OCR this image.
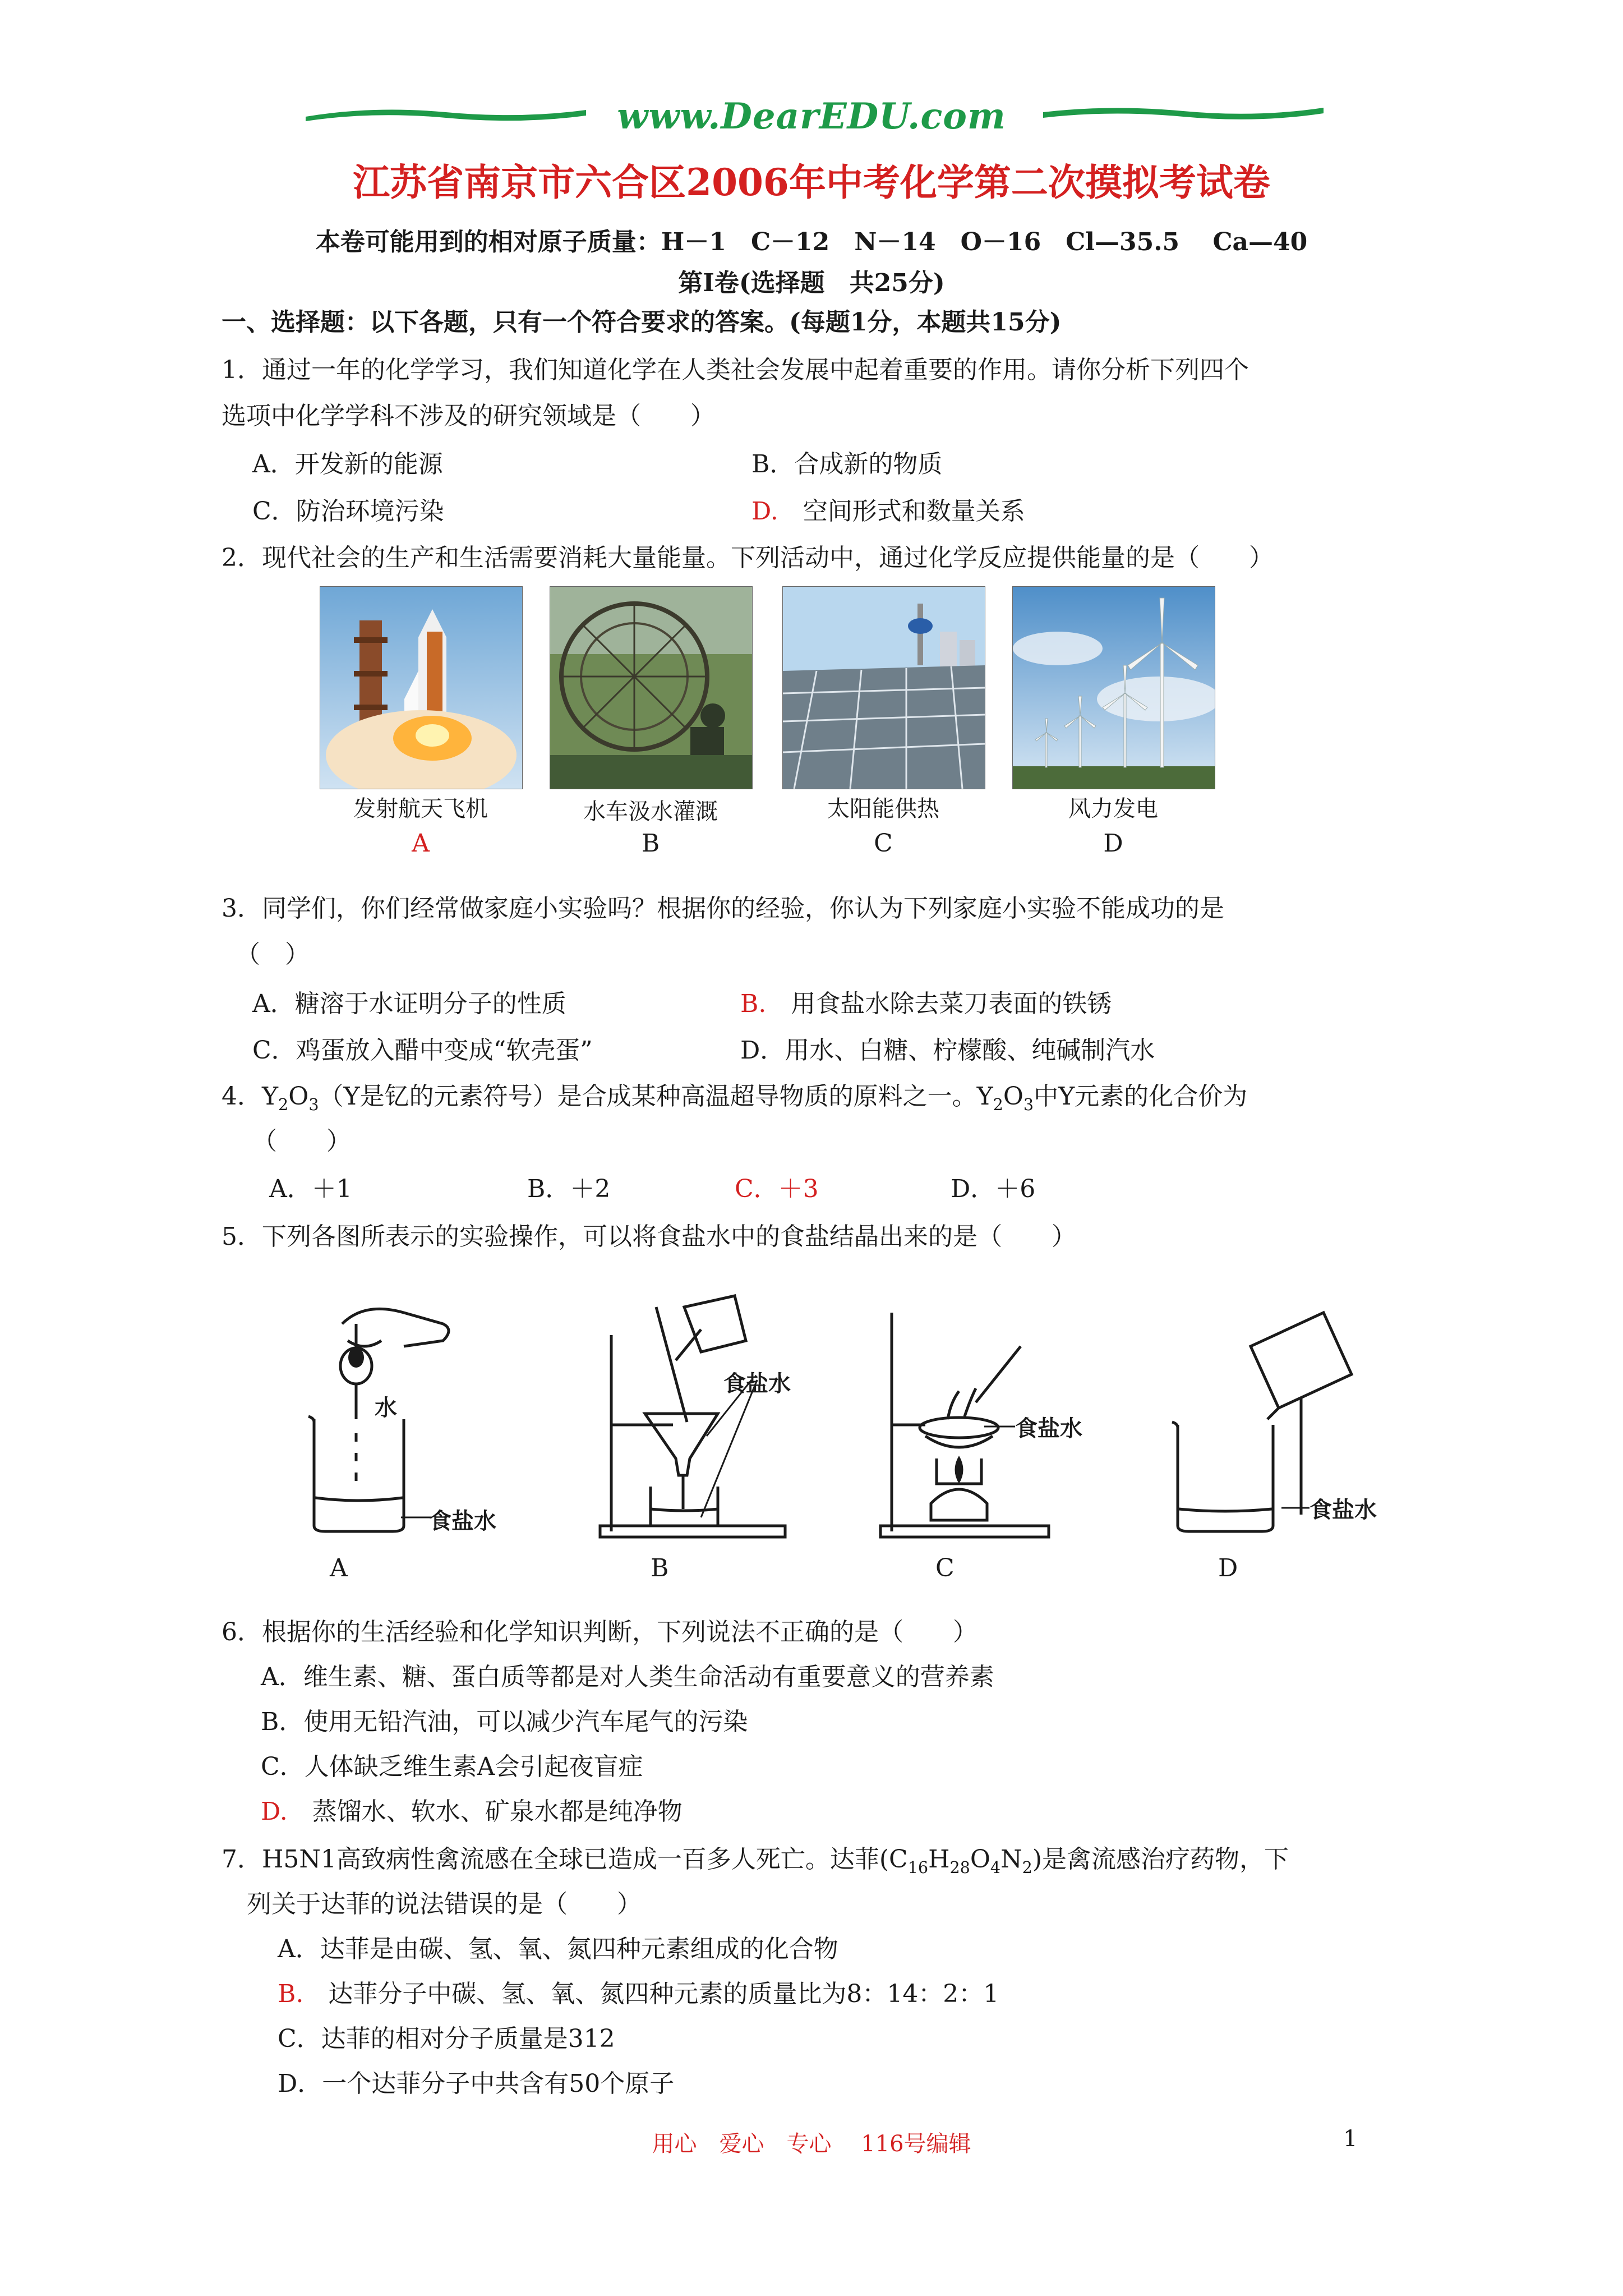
www.DearEDU.com
江苏省南京市六合区2006年中考化学第二次摸拟考试卷
本卷可能用到的相对原子质量：H－1　C－12　N－14　O－16　Cl—35.5　 Ca—40
第Ⅰ卷(选择题　共25分)
一、选择题：以下各题，只有一个符合要求的答案。(每题1分，本题共15分)
1．通过一年的化学学习，我们知道化学在人类社会发展中起着重要的作用。请你分析下列四个
选项中化学学科不涉及的研究领域是（　　）
A．开发新的能源	B．合成新的物质
C．防治环境污染	D.　 空间形式和数量关系
2．现代社会的生产和生活需要消耗大量能量。下列活动中，通过化学反应提供能量的是（　　）
发射航天飞机	水车汲水灌溉	太阳能供热	风力发电
A	B	C	D
3．同学们，你们经常做家庭小实验吗？根据你的经验，你认为下列家庭小实验不能成功的是
（　）
A．糖溶于水证明分子的性质	B.　 用食盐水除去菜刀表面的铁锈
C．鸡蛋放入醋中变成“软壳蛋”	D．用水、白糖、柠檬酸、纯碱制汽水
4．$Y_2O_3(Y$是钇的元素符号）是合成某种高温超导物质的原料之一。$Y_2O_3$中Y元素的化合价为
（　　）
A．＋1	B．＋2	C．＋3	D．＋6
5．下列各图所表示的实验操作，可以将食盐水中的食盐结晶出来的是（　　）
水
食盐水
A
食盐水
B
食盐水
C
食盐水
D
6．根据你的生活经验和化学知识判断，下列说法不正确的是（　　）
A．维生素、糖、蛋白质等都是对人类生命活动有重要意义的营养素
B．使用无铅汽油，可以减少汽车尾气的污染
C．人体缺乏维生素A会引起夜盲症
D.　 蒸馏水、软水、矿泉水都是纯净物
7．H5N1高致病性禽流感在全球已造成一百多人死亡。达菲$(C_{16}H_{28}O_4N_2)$是禽流感治疗药物，下
列关于达菲的说法错误的是（　　）
A．达菲是由碳、氢、氧、氮四种元素组成的化合物
B.　 达菲分子中碳、氢、氧、氮四种元素的质量比为8：14：2：1
C．达菲的相对分子质量是312
D．一个达菲分子中共含有50个原子
用心　爱心　专心　 116号编辑	1
